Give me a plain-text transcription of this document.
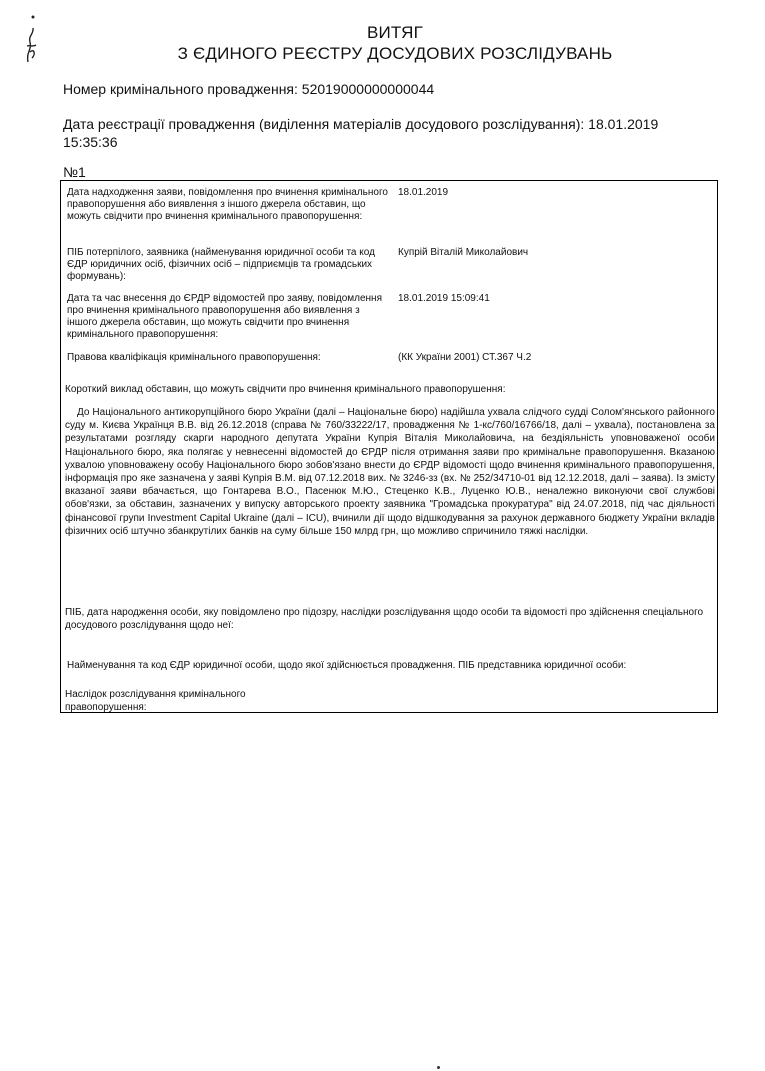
ВИТЯГ
З ЄДИНОГО РЕЄСТРУ ДОСУДОВИХ РОЗСЛІДУВАНЬ
Номер кримінального провадження: 52019000000000044
Дата реєстрації провадження (виділення матеріалів досудового розслідування): 18.01.2019 15:35:36
№1
Дата надходження заяви, повідомлення про вчинення кримінального правопорушення або виявлення з іншого джерела обставин, що можуть свідчити про вчинення кримінального правопорушення:
18.01.2019
ПІБ потерпілого, заявника (найменування юридичної особи та код ЄДР юридичних осіб, фізичних осіб – підприємців та громадських формувань):
Купрій Віталій Миколайович
Дата та час внесення до ЄРДР відомостей про заяву, повідомлення про вчинення кримінального правопорушення або виявлення з іншого джерела обставин, що можуть свідчити про вчинення кримінального правопорушення:
18.01.2019 15:09:41
Правова кваліфікація кримінального правопорушення:	(КК України 2001) СТ.367 Ч.2
Короткий виклад обставин, що можуть свідчити про вчинення кримінального правопорушення:
До Національного антикорупційного бюро України (далі – Національне бюро) надійшла ухвала слідчого судді Солом'янського районного суду м. Києва Українця В.В. від 26.12.2018 (справа № 760/33222/17, провадження № 1-кс/760/16766/18, далі – ухвала), постановлена за результатами розгляду скарги народного депутата України Купрія Віталія Миколайовича, на бездіяльність уповноваженої особи Національного бюро, яка полягає у невнесенні відомостей до ЄРДР після отримання заяви про кримінальне правопорушення. Вказаною ухвалою уповноважену особу Національного бюро зобов'язано внести до ЄРДР відомості щодо вчинення кримінального правопорушення, інформація про яке зазначена у заяві Купрія В.М. від 07.12.2018 вих. № 3246-зз (вх. № 252/34710-01 від 12.12.2018, далі – заява). Із змісту вказаної заяви вбачається, що Гонтарева В.О., Пасенюк М.Ю., Стеценко К.В., Луценко Ю.В., неналежно виконуючи свої службові обов'язки, за обставин, зазначених у випуску авторського проекту заявника "Громадська прокуратура" від 24.07.2018, під час діяльності фінансової групи Investment Capital Ukraine (далі – ICU), вчинили дії щодо відшкодування за рахунок державного бюджету України вкладів фізичних осіб штучно збанкрутілих банків на суму більше 150 млрд грн, що можливо спричинило тяжкі наслідки.
ПІБ, дата народження особи, яку повідомлено про підозру, наслідки розслідування щодо особи та відомості про здійснення спеціального досудового розслідування щодо неї:
Найменування та код ЄДР юридичної особи, щодо якої здійснюється провадження. ПІБ представника юридичної особи:
Наслідок розслідування кримінального правопорушення:
